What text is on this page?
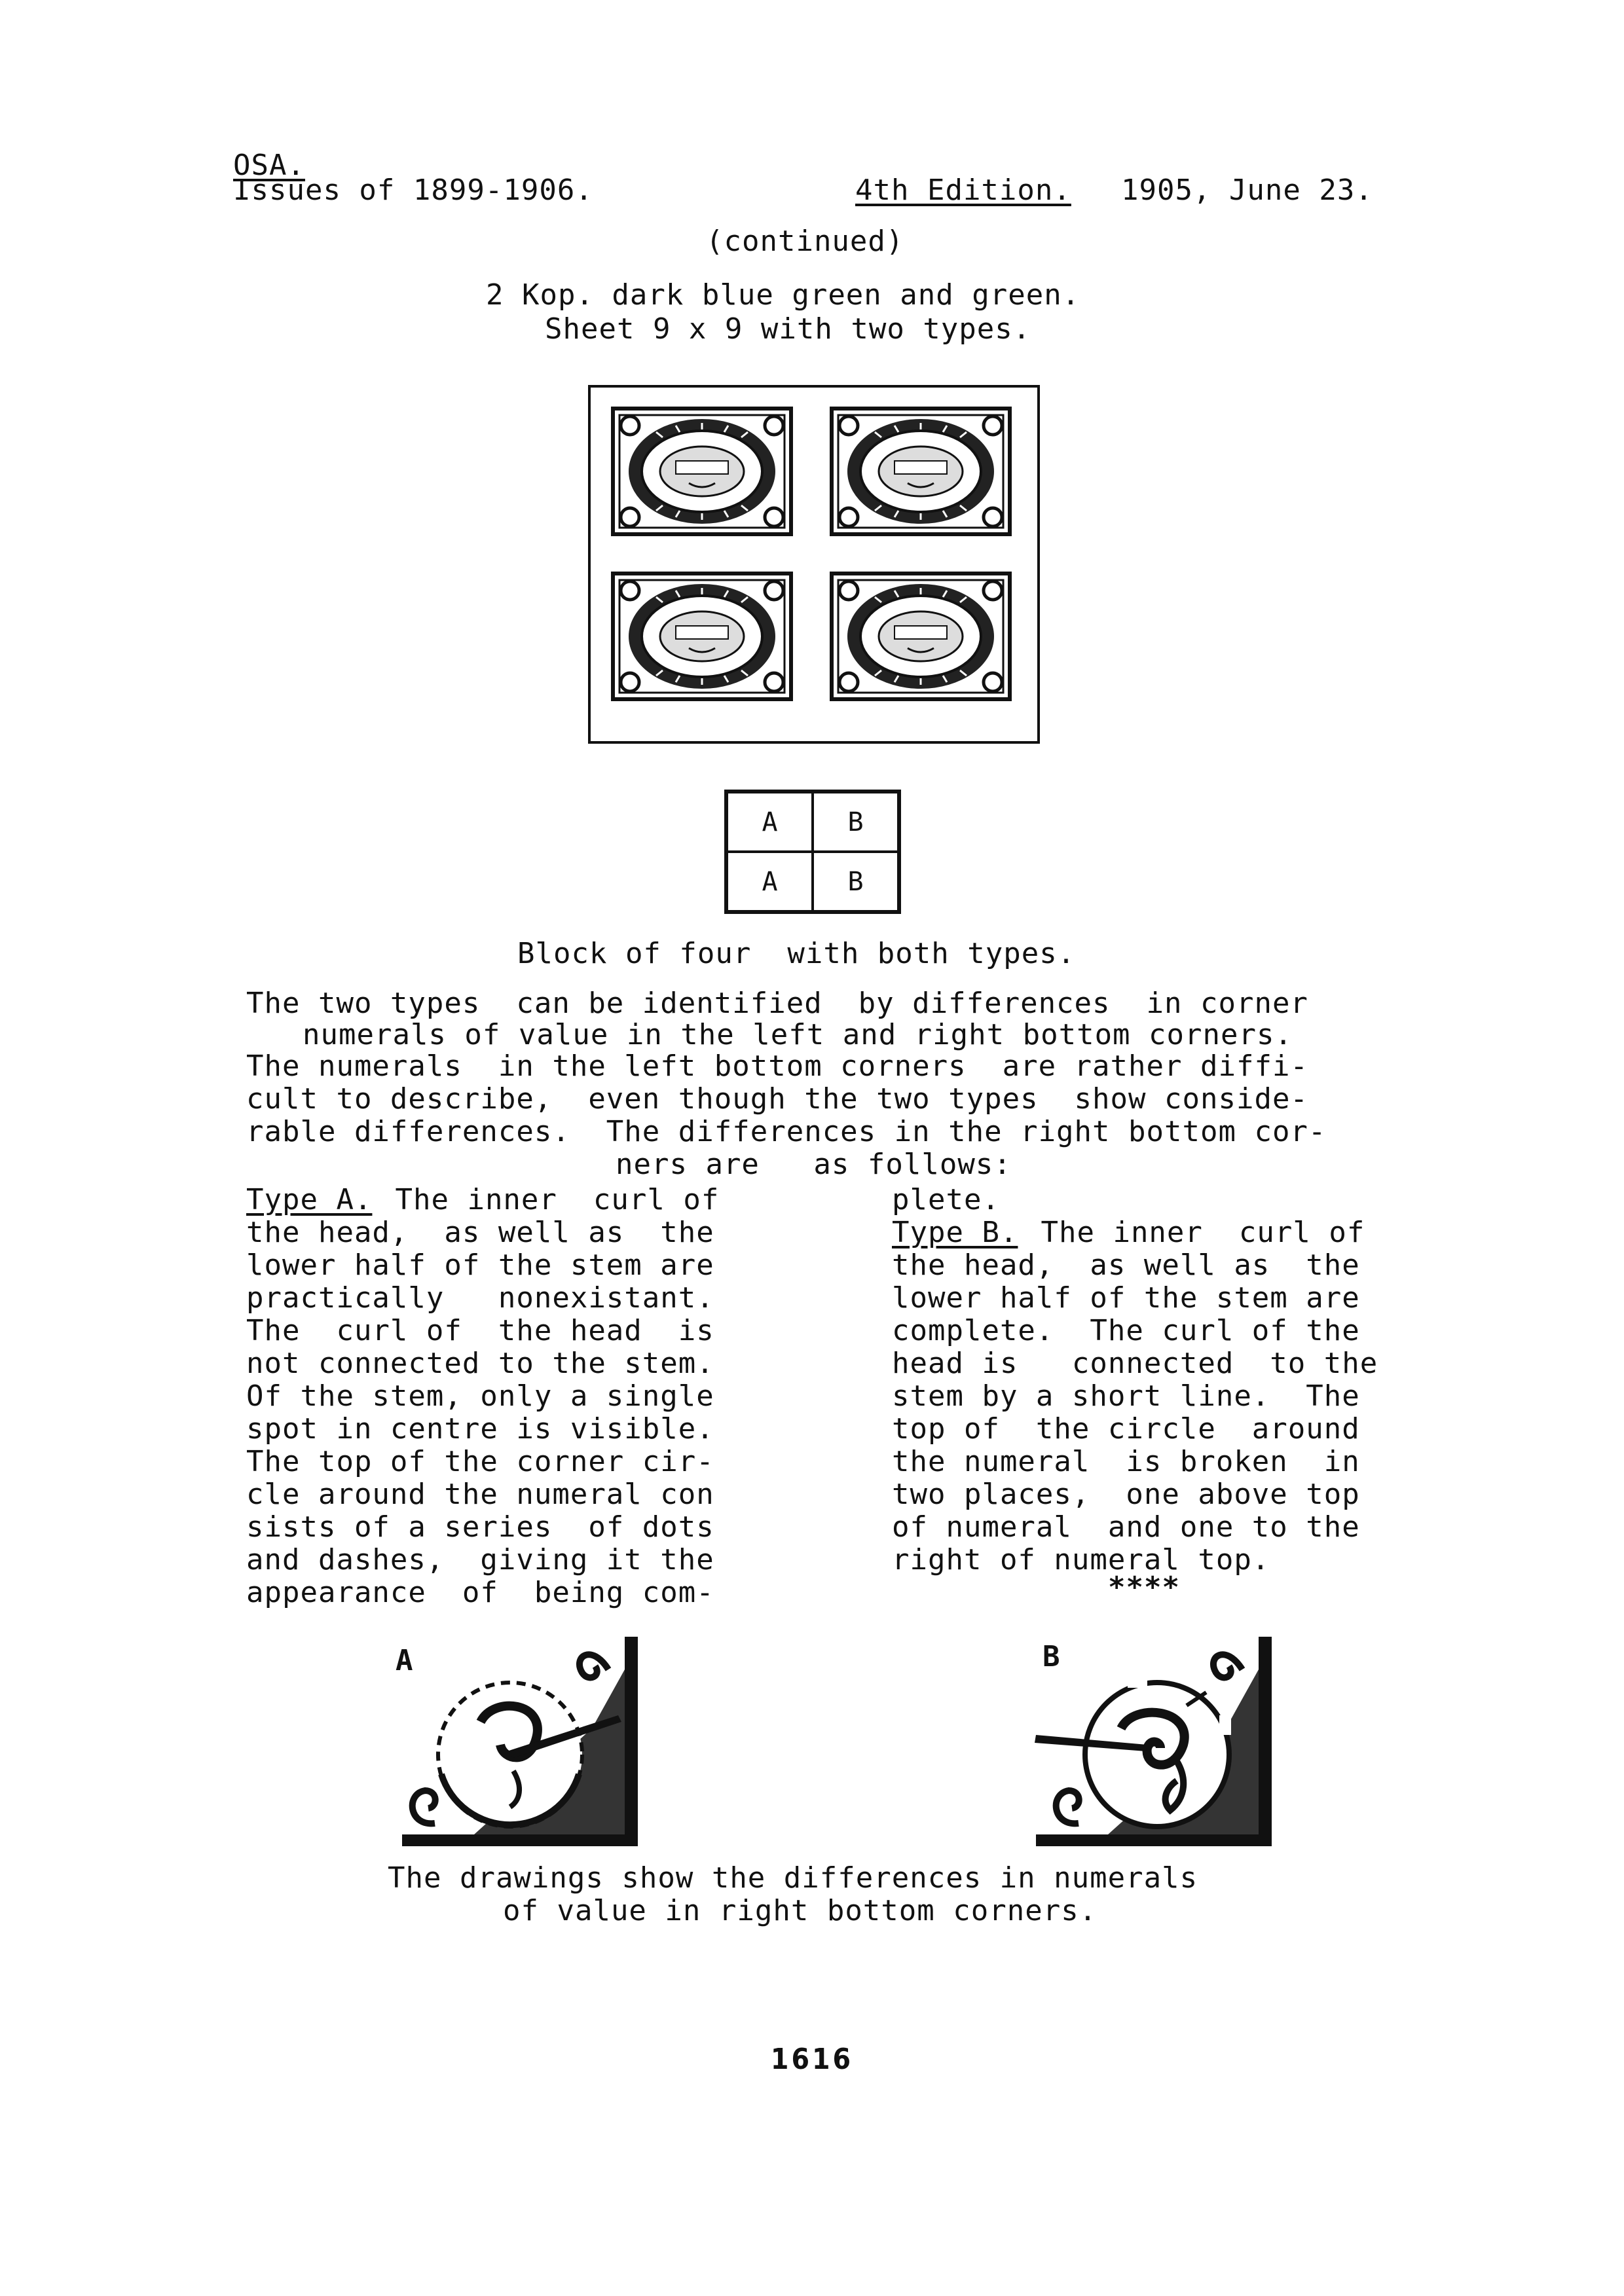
OSA.
Issues of 1899-1906.	4th Edition. 1905, June 23.
(continued)
2 Kop. dark blue green and green.
Sheet 9 x 9 with two types.
A	B
A	B
Block of four  with both types.
The two types  can be identified  by differences  in corner
numerals of value in the left and right bottom corners.
The numerals  in the left bottom corners  are rather diffi-
cult to describe,  even though the two types  show conside-
rable differences.  The differences in the right bottom cor-
ners are   as follows:
Type A. The inner  curl of
the head,  as well as  the
lower half of the stem are
practically   nonexistant.
The  curl of  the head  is
not connected to the stem.
Of the stem, only a single
spot in centre is visible.
The top of the corner cir-
cle around the numeral con
sists of a series  of dots
and dashes,  giving it the
appearance  of  being com-
plete.
Type B. The inner  curl of
the head,  as well as  the
lower half of the stem are
complete.  The curl of the
head is   connected  to the
stem by a short line.  The
top of  the circle  around
the numeral  is broken  in
two places,  one above top
of numeral  and one to the
right of numeral top.
****
A	B
The drawings show the differences in numerals
of value in right bottom corners.
1616
